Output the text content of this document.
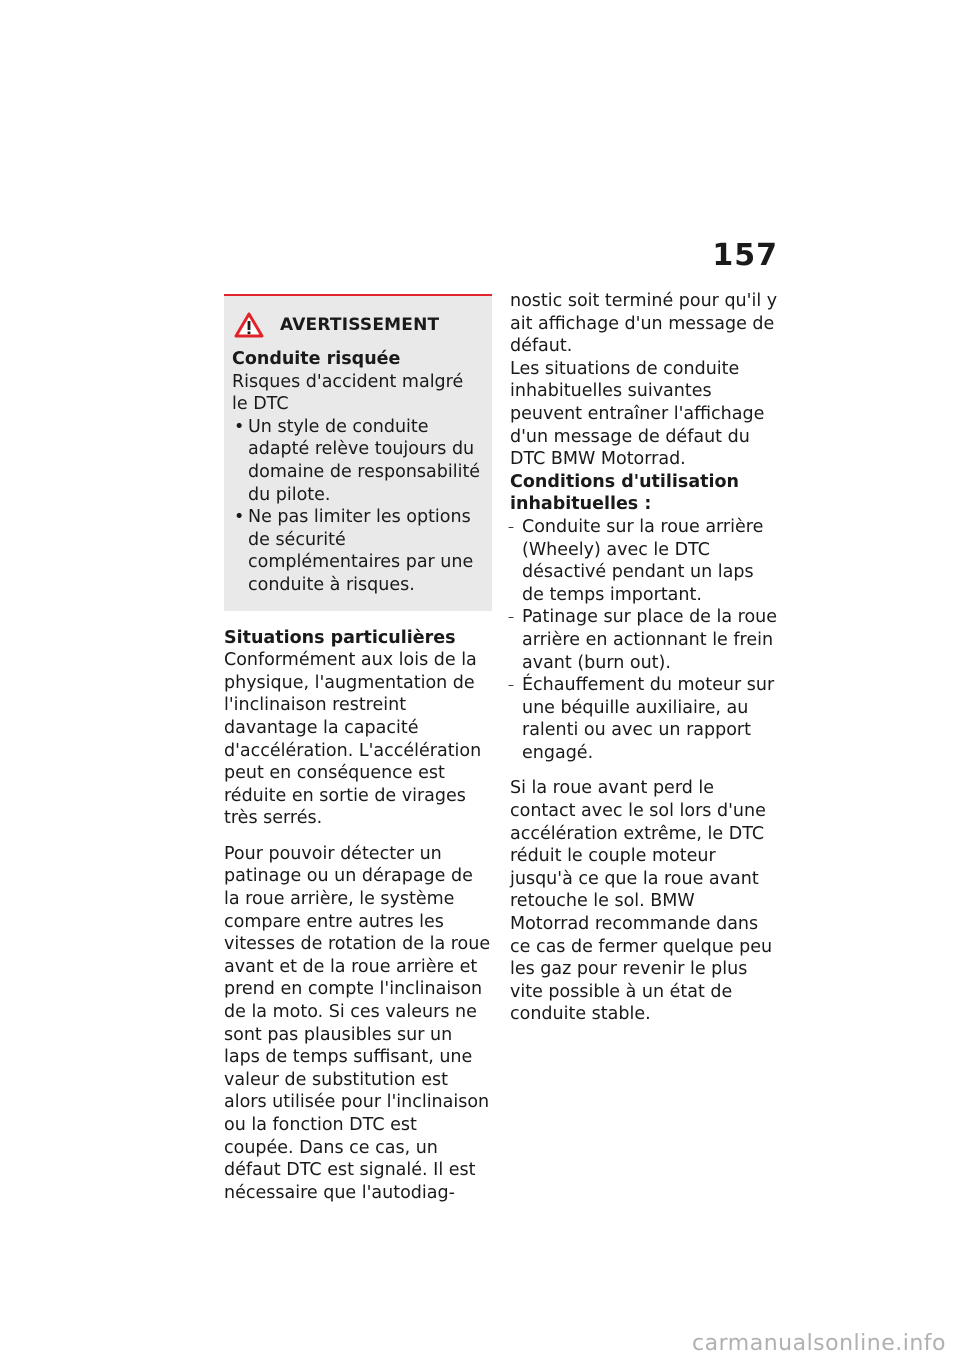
157
AVERTISSEMENT

Conduite risquée

Risques d'accident malgré le DTC

• Un style de conduite adapté relève toujours du domaine de responsabilité du pilote.
• Ne pas limiter les options de sécurité complémentaires par une conduite à risques.

Situations particulières

Conformément aux lois de la physique, l'augmentation de l'inclinaison restreint davantage la capacité d'accélération. L'accélération peut en conséquence est réduite en sortie de virages très serrés.

Pour pouvoir détecter un patinage ou un dérapage de la roue arrière, le système compare entre autres les vitesses de rotation de la roue avant et de la roue arrière et prend en compte l'inclinaison de la moto. Si ces valeurs ne sont pas plausibles sur un laps de temps suffisant, une valeur de substitution est alors utilisée pour l'inclinaison ou la fonction DTC est coupée. Dans ce cas, un défaut DTC est signalé. Il est nécessaire que l'autodiag-

nostic soit terminé pour qu'il y ait affichage d'un message de défaut.

Les situations de conduite inhabituelles suivantes peuvent entraîner l'affichage d'un message de défaut du DTC BMW Motorrad.

Conditions d'utilisation inhabituelles :

– Conduite sur la roue arrière (Wheely) avec le DTC désactivé pendant un laps de temps important.
– Patinage sur place de la roue arrière en actionnant le frein avant (burn out).
– Échauffement du moteur sur une béquille auxiliaire, au ralenti ou avec un rapport engagé.

Si la roue avant perd le contact avec le sol lors d'une accélération extrême, le DTC réduit le couple moteur jusqu'à ce que la roue avant retouche le sol. BMW Motorrad recommande dans ce cas de fermer quelque peu les gaz pour revenir le plus vite possible à un état de conduite stable.

carmanualsonline.info
